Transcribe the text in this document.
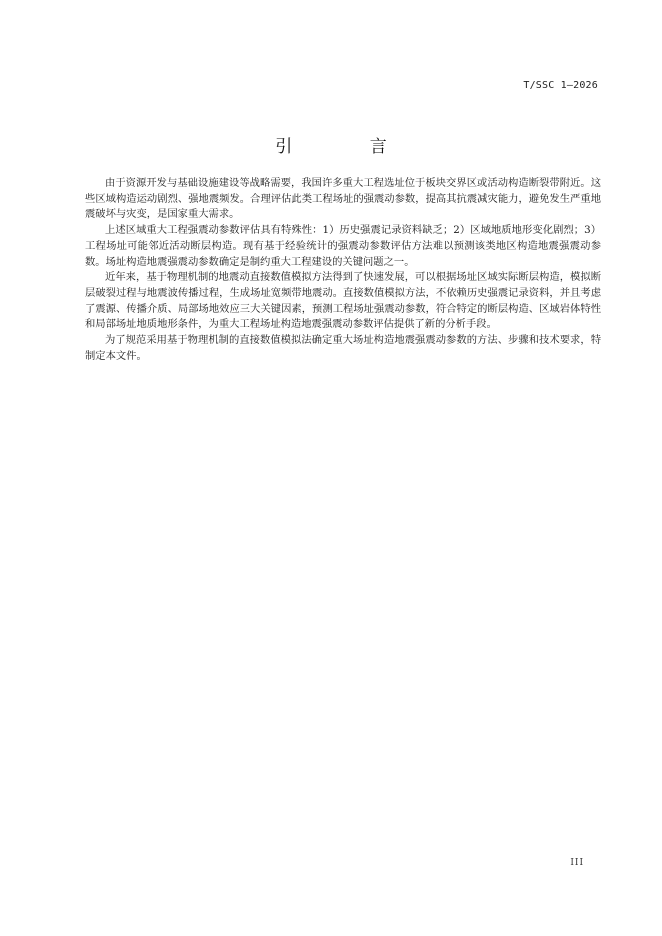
T/SSC 1—2026
引 言

由于资源开发与基础设施建设等战略需要，我国许多重大工程选址位于板块交界区或活动构造断裂带附近。这些区域构造运动剧烈、强地震频发。合理评估此类工程场址的强震动参数，提高其抗震减灾能力，避免发生严重地震破坏与灾变，是国家重大需求。

上述区域重大工程强震动参数评估具有特殊性：1）历史强震记录资料缺乏；2）区域地质地形变化剧烈；3）工程场址可能邻近活动断层构造。现有基于经验统计的强震动参数评估方法难以预测该类地区构造地震强震动参数。场址构造地震强震动参数确定是制约重大工程建设的关键问题之一。

近年来，基于物理机制的地震动直接数值模拟方法得到了快速发展，可以根据场址区域实际断层构造，模拟断层破裂过程与地震波传播过程，生成场址宽频带地震动。直接数值模拟方法，不依赖历史强震记录资料，并且考虑了震源、传播介质、局部场地效应三大关键因素，预测工程场址强震动参数，符合特定的断层构造、区域岩体特性和局部场址地质地形条件，为重大工程场址构造地震强震动参数评估提供了新的分析手段。

为了规范采用基于物理机制的直接数值模拟法确定重大场址构造地震强震动参数的方法、步骤和技术要求，特制定本文件。

III
